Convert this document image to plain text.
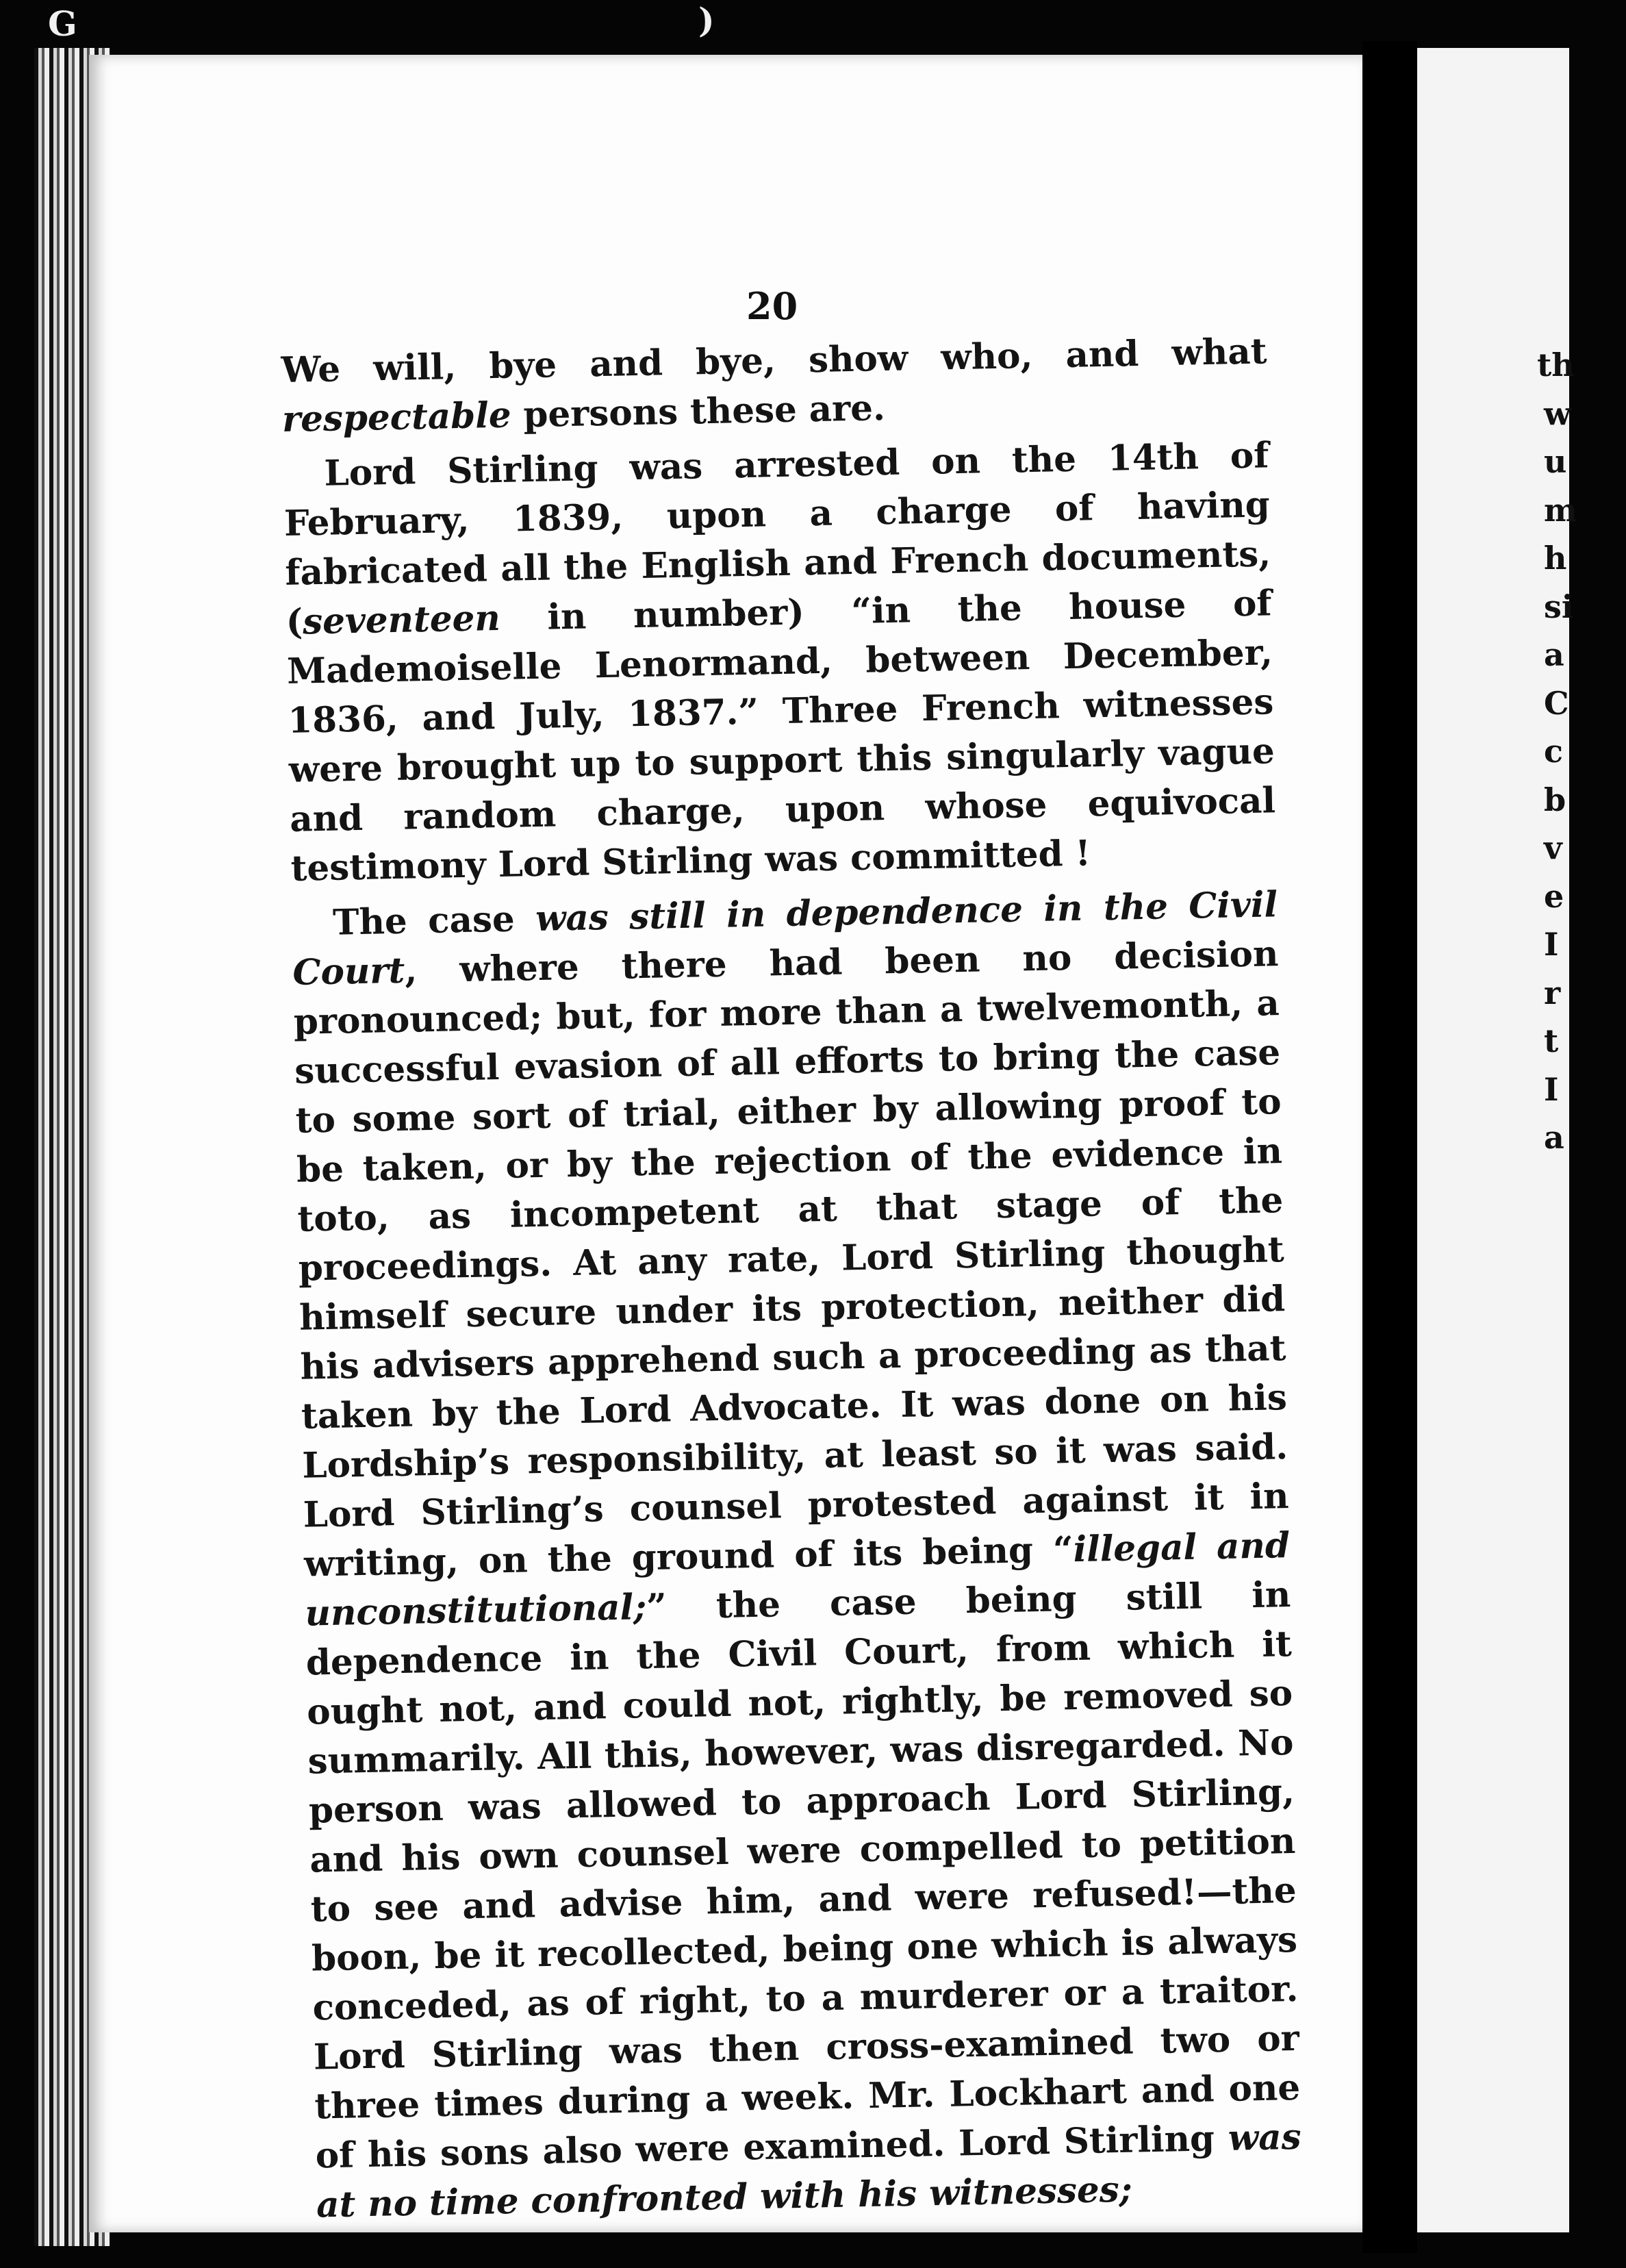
th
w
u
m
h
si
a
C
c
b
v
e
I
r
t
I
a
G	)
20

We will, bye and bye, show who, and what respectable persons these are.

Lord Stirling was arrested on the 14th of February, 1839, upon a charge of having fabricated all the English and French documents, (seventeen in number) “in the house of Mademoiselle Lenormand, between December, 1836, and July, 1837.” Three French witnesses were brought up to support this singularly vague and random charge, upon whose equivocal testimony Lord Stirling was committed !

The case was still in dependence in the Civil Court, where there had been no decision pronounced; but, for more than a twelvemonth, a successful evasion of all efforts to bring the case to some sort of trial, either by allowing proof to be taken, or by the rejection of the evidence in toto, as incompetent at that stage of the proceedings. At any rate, Lord Stirling thought himself secure under its protection, neither did his advisers apprehend such a proceeding as that taken by the Lord Advocate. It was done on his Lordship’s responsibility, at least so it was said. Lord Stirling’s counsel protested against it in writing, on the ground of its being “illegal and unconstitutional;” the case being still in dependence in the Civil Court, from which it ought not, and could not, rightly, be removed so summarily. All this, however, was disregarded. No person was allowed to approach Lord Stirling, and his own counsel were compelled to petition to see and advise him, and were refused!—the boon, be it recollected, being one which is always conceded, as of right, to a murderer or a traitor. Lord Stirling was then cross-examined two or three times during a week. Mr. Lockhart and one of his sons also were examined. Lord Stirling was at no time confronted with his witnesses;
